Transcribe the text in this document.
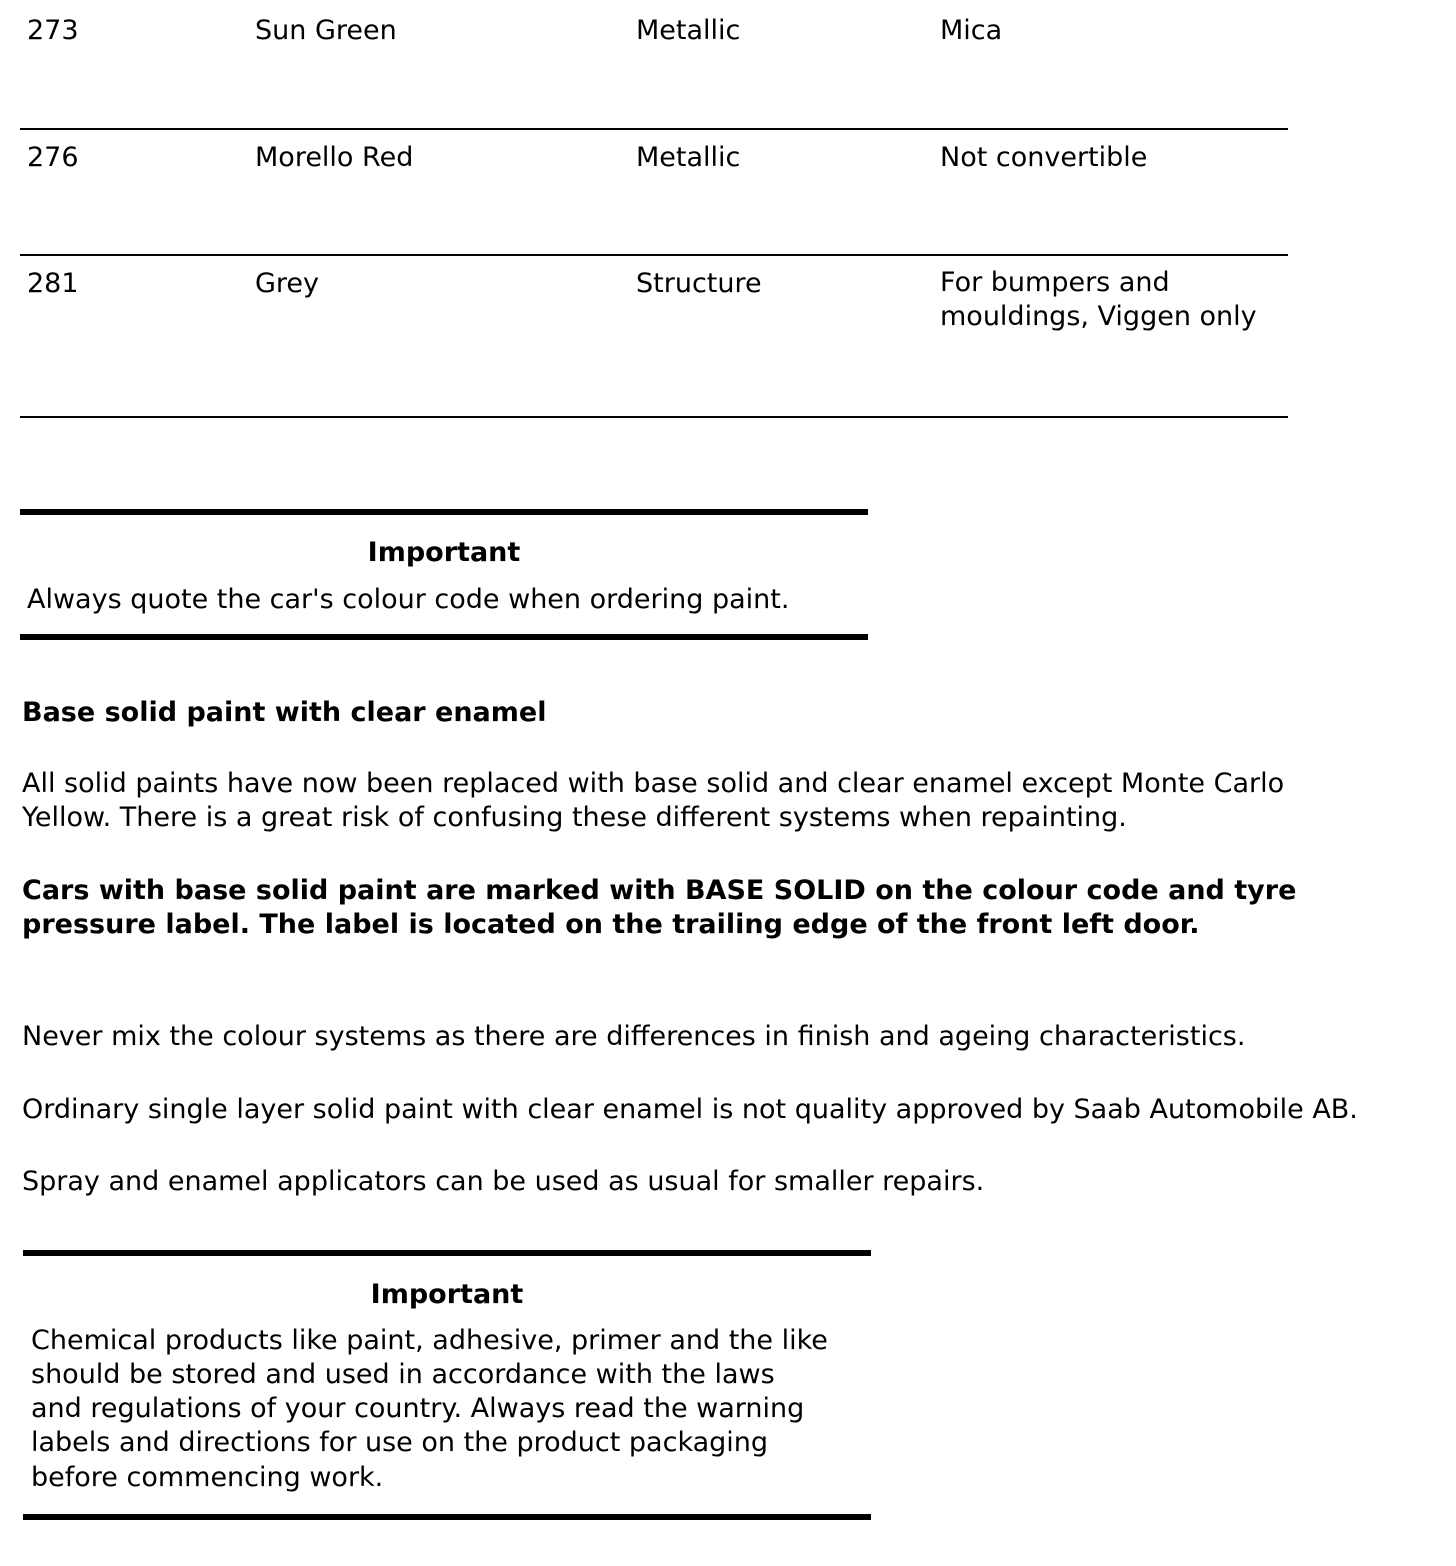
273	Sun Green	Metallic	Mica
276	Morello Red	Metallic	Not convertible
281	Grey	Structure	For bumpers and
mouldings, Viggen only
Important
Always quote the car's colour code when ordering paint.
Base solid paint with clear enamel
All solid paints have now been replaced with base solid and clear enamel except Monte Carlo
Yellow. There is a great risk of confusing these different systems when repainting.
Cars with base solid paint are marked with BASE SOLID on the colour code and tyre
pressure label. The label is located on the trailing edge of the front left door.
Never mix the colour systems as there are differences in finish and ageing characteristics.
Ordinary single layer solid paint with clear enamel is not quality approved by Saab Automobile AB.
Spray and enamel applicators can be used as usual for smaller repairs.
Important
Chemical products like paint, adhesive, primer and the like
should be stored and used in accordance with the laws
and regulations of your country. Always read the warning
labels and directions for use on the product packaging
before commencing work.
